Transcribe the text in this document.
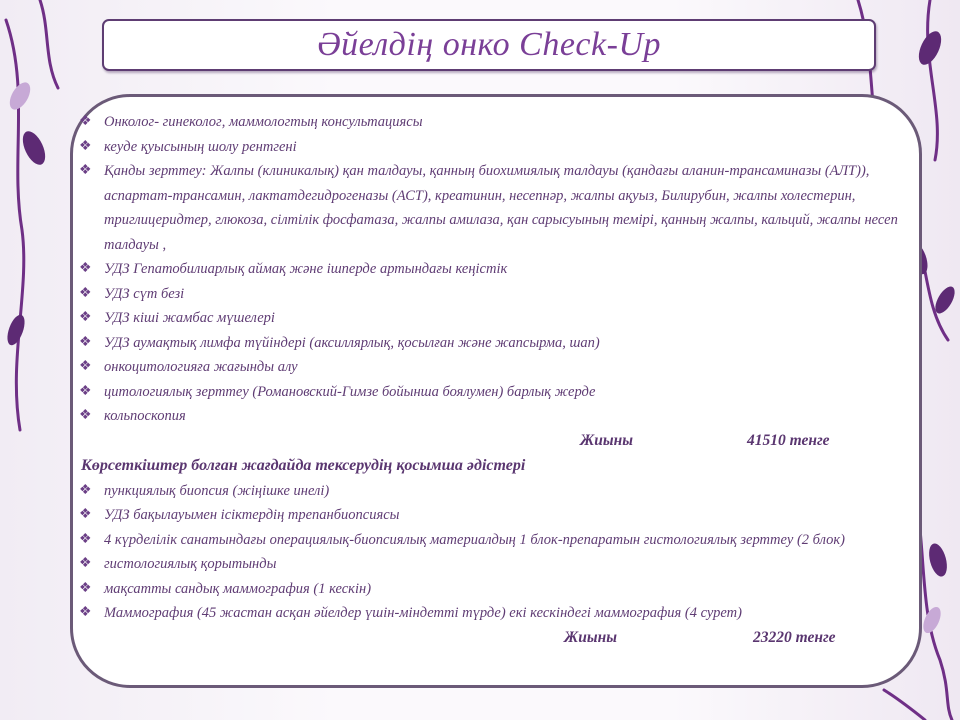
Әйелдің онко Check-Up
❖ Онколог- гинеколог, маммологтың консультациясы
❖ кеуде қуысының шолу рентгені
❖ Қанды зерттеу: Жалпы (клиникалық) қан талдауы, қанның биохимиялық талдауы (қандағы аланин-трансаминазы (АЛТ)), аспартат-трансамин, лактатдегидрогеназы (АСТ), креатинин, несепнәр, жалпы ақуыз, Билирубин, жалпы холестерин, триглицеридтер, глюкоза, сілтілік фосфатаза, жалпы амилаза, қан сарысуының темірі, қанның жалпы, кальций, жалпы несеп талдауы ,
❖ УДЗ Гепатобилиарлық аймақ және ішперде артындағы кеңістік
❖ УДЗ сүт безі
❖ УДЗ кіші жамбас мүшелері
❖ УДЗ аумақтық лимфа түйіндері (аксиллярлық, қосылған және жапсырма, шап)
❖ онкоцитологияға жағынды алу
❖ цитологиялық зерттеу (Романовский-Гимзе бойынша боялумен) барлық жерде
❖ кольпоскопия
Жиыны	41510 тенге
Көрсеткіштер болған жағдайда тексерудің қосымша әдістері
❖ пункциялық биопсия (жіңішке инелі)
❖ УДЗ бақылауымен ісіктердің трепанбиопсиясы
❖ 4 күрделілік санатындағы операциялық-биопсиялық материалдың 1 блок-препаратын гистологиялық зерттеу (2 блок)
❖ гистологиялық қорытынды
❖ мақсатты сандық маммография (1 кескін)
❖ Маммография (45 жастан асқан әйелдер үшін-міндетті түрде) екі кескіндегі маммография (4 сурет)
Жиыны	23220 тенге
